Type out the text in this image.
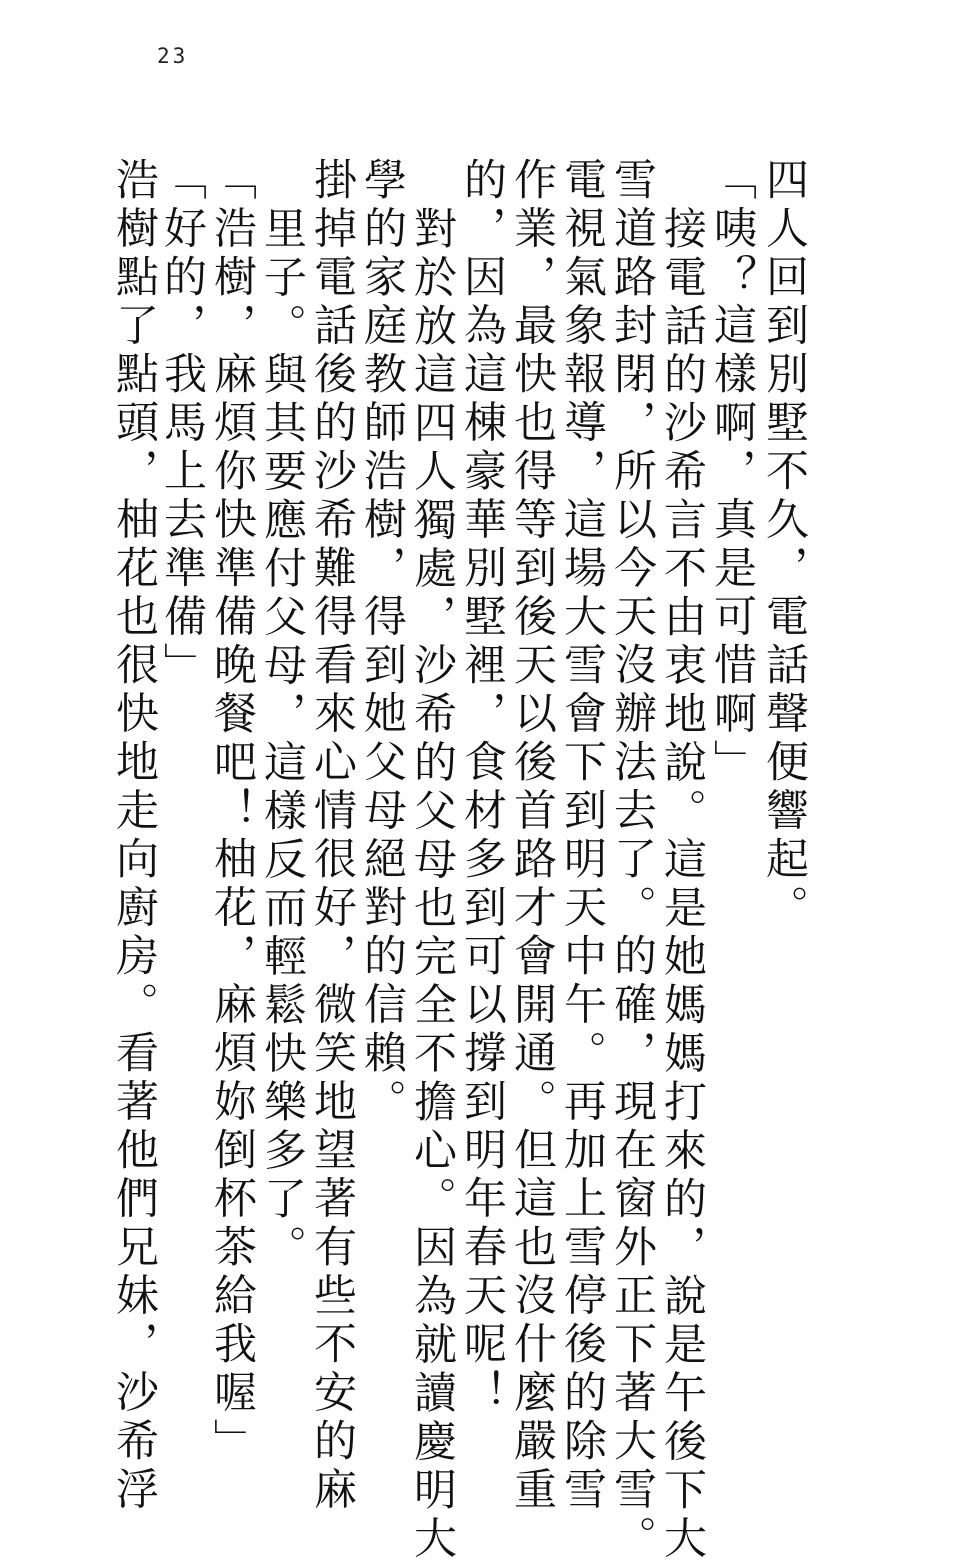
23
四人回到別墅不久，電話聲便響起。
「咦？這樣啊，真是可惜啊」
接電話的沙希言不由衷地說。這是她媽媽打來的，說是午後下大
雪道路封閉，所以今天沒辦法去了。的確，現在窗外正下著大雪。
電視氣象報導，這場大雪會下到明天中午。再加上雪停後的除雪
作業，最快也得等到後天以後首路才會開通。但這也沒什麼嚴重
的，因為這棟豪華別墅裡，食材多到可以撐到明年春天呢！
對於放這四人獨處，沙希的父母也完全不擔心。因為就讀慶明大
學的家庭教師浩樹，得到她父母絕對的信賴。
掛掉電話後的沙希難得看來心情很好，微笑地望著有些不安的麻
里子。與其要應付父母，這樣反而輕鬆快樂多了。
「浩樹，麻煩你快準備晚餐吧！柚花，麻煩妳倒杯茶給我喔」
「好的，我馬上去準備」
浩樹點了點頭，柚花也很快地走向廚房。看著他們兄妹，沙希浮
